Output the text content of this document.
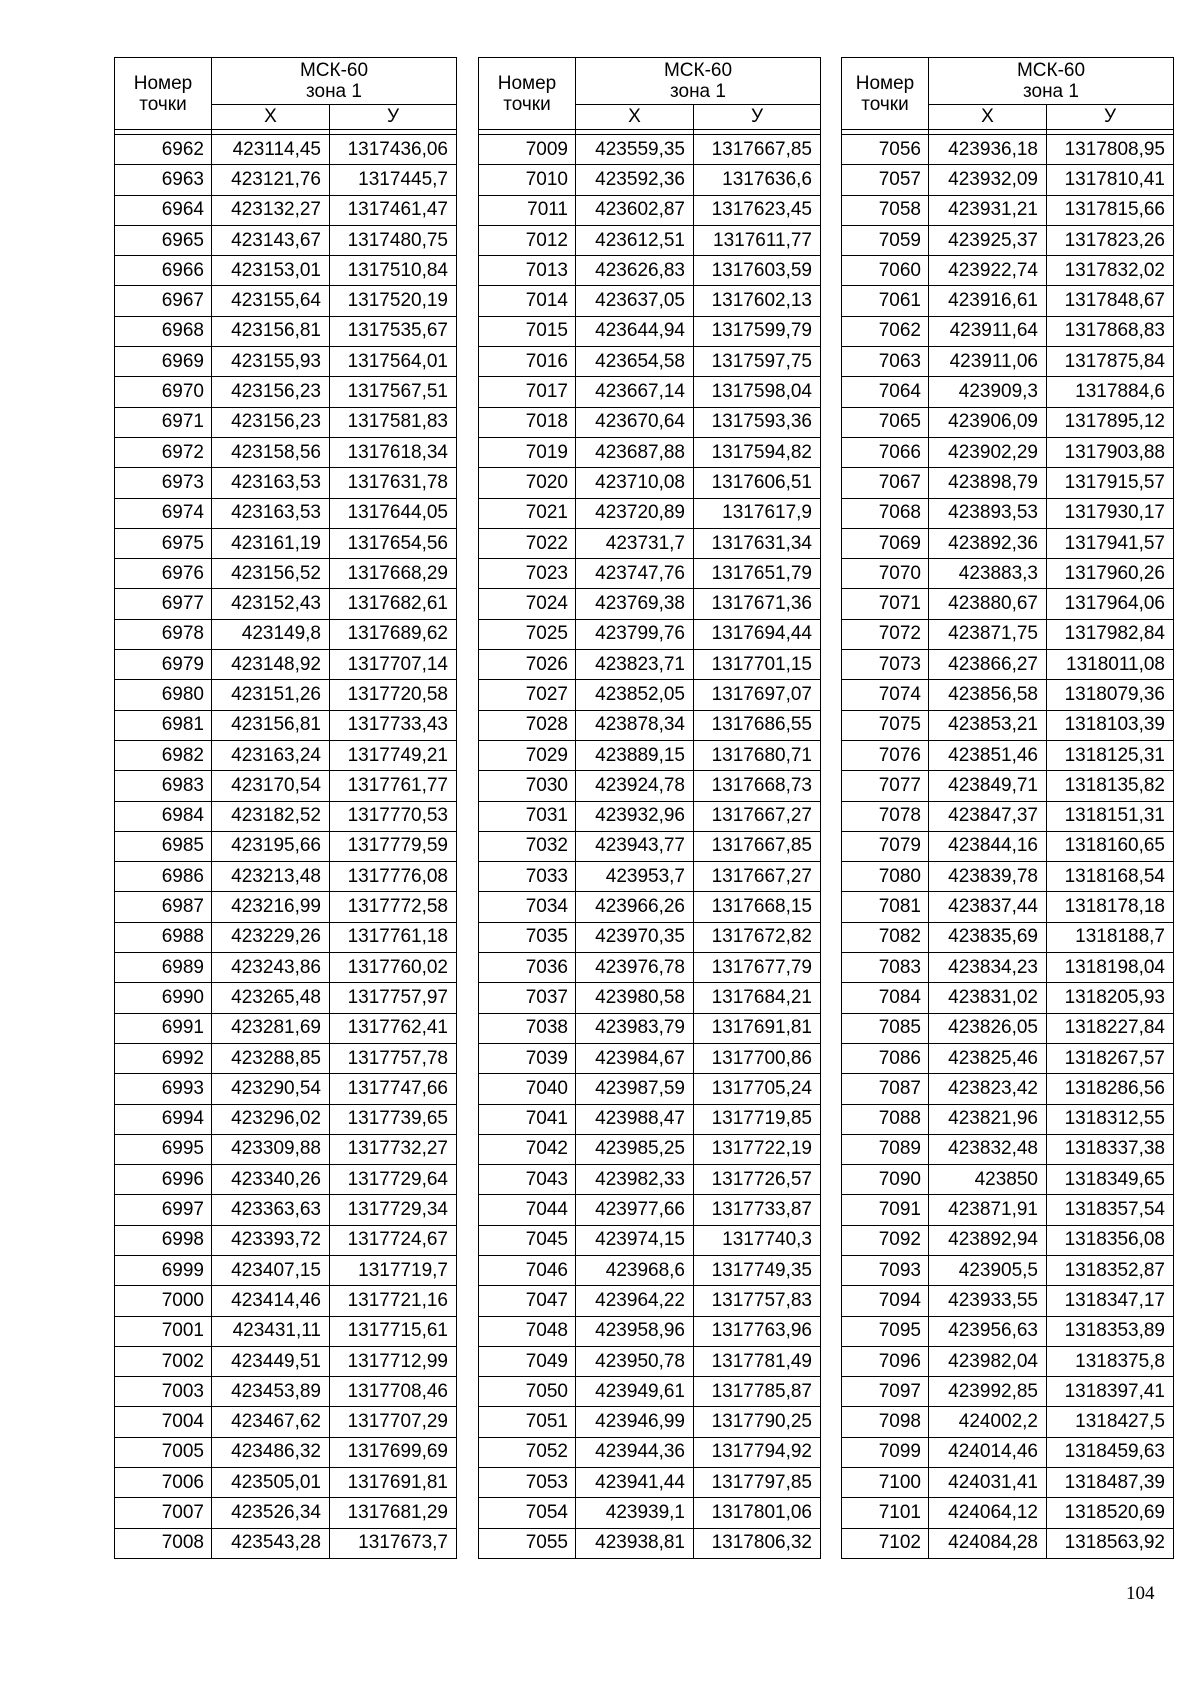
Номер точки	МСК-60
зона 1	
	X	У

6962	423114,45	1317436,06
6963	423121,76	1317445,7
6964	423132,27	1317461,47
6965	423143,67	1317480,75
6966	423153,01	1317510,84
6967	423155,64	1317520,19
6968	423156,81	1317535,67
6969	423155,93	1317564,01
6970	423156,23	1317567,51
6971	423156,23	1317581,83
6972	423158,56	1317618,34
6973	423163,53	1317631,78
6974	423163,53	1317644,05
6975	423161,19	1317654,56
6976	423156,52	1317668,29
6977	423152,43	1317682,61
6978	423149,8	1317689,62
6979	423148,92	1317707,14
6980	423151,26	1317720,58
6981	423156,81	1317733,43
6982	423163,24	1317749,21
6983	423170,54	1317761,77
6984	423182,52	1317770,53
6985	423195,66	1317779,59
6986	423213,48	1317776,08
6987	423216,99	1317772,58
6988	423229,26	1317761,18
6989	423243,86	1317760,02
6990	423265,48	1317757,97
6991	423281,69	1317762,41
6992	423288,85	1317757,78
6993	423290,54	1317747,66
6994	423296,02	1317739,65
6995	423309,88	1317732,27
6996	423340,26	1317729,64
6997	423363,63	1317729,34
6998	423393,72	1317724,67
6999	423407,15	1317719,7
7000	423414,46	1317721,16
7001	423431,11	1317715,61
7002	423449,51	1317712,99
7003	423453,89	1317708,46
7004	423467,62	1317707,29
7005	423486,32	1317699,69
7006	423505,01	1317691,81
7007	423526,34	1317681,29
7008	423543,28	1317673,7
Номер точки	МСК-60
зона 1	
	X	У

7009	423559,35	1317667,85
7010	423592,36	1317636,6
7011	423602,87	1317623,45
7012	423612,51	1317611,77
7013	423626,83	1317603,59
7014	423637,05	1317602,13
7015	423644,94	1317599,79
7016	423654,58	1317597,75
7017	423667,14	1317598,04
7018	423670,64	1317593,36
7019	423687,88	1317594,82
7020	423710,08	1317606,51
7021	423720,89	1317617,9
7022	423731,7	1317631,34
7023	423747,76	1317651,79
7024	423769,38	1317671,36
7025	423799,76	1317694,44
7026	423823,71	1317701,15
7027	423852,05	1317697,07
7028	423878,34	1317686,55
7029	423889,15	1317680,71
7030	423924,78	1317668,73
7031	423932,96	1317667,27
7032	423943,77	1317667,85
7033	423953,7	1317667,27
7034	423966,26	1317668,15
7035	423970,35	1317672,82
7036	423976,78	1317677,79
7037	423980,58	1317684,21
7038	423983,79	1317691,81
7039	423984,67	1317700,86
7040	423987,59	1317705,24
7041	423988,47	1317719,85
7042	423985,25	1317722,19
7043	423982,33	1317726,57
7044	423977,66	1317733,87
7045	423974,15	1317740,3
7046	423968,6	1317749,35
7047	423964,22	1317757,83
7048	423958,96	1317763,96
7049	423950,78	1317781,49
7050	423949,61	1317785,87
7051	423946,99	1317790,25
7052	423944,36	1317794,92
7053	423941,44	1317797,85
7054	423939,1	1317801,06
7055	423938,81	1317806,32
Номер точки	МСК-60
зона 1	
	X	У

7056	423936,18	1317808,95
7057	423932,09	1317810,41
7058	423931,21	1317815,66
7059	423925,37	1317823,26
7060	423922,74	1317832,02
7061	423916,61	1317848,67
7062	423911,64	1317868,83
7063	423911,06	1317875,84
7064	423909,3	1317884,6
7065	423906,09	1317895,12
7066	423902,29	1317903,88
7067	423898,79	1317915,57
7068	423893,53	1317930,17
7069	423892,36	1317941,57
7070	423883,3	1317960,26
7071	423880,67	1317964,06
7072	423871,75	1317982,84
7073	423866,27	1318011,08
7074	423856,58	1318079,36
7075	423853,21	1318103,39
7076	423851,46	1318125,31
7077	423849,71	1318135,82
7078	423847,37	1318151,31
7079	423844,16	1318160,65
7080	423839,78	1318168,54
7081	423837,44	1318178,18
7082	423835,69	1318188,7
7083	423834,23	1318198,04
7084	423831,02	1318205,93
7085	423826,05	1318227,84
7086	423825,46	1318267,57
7087	423823,42	1318286,56
7088	423821,96	1318312,55
7089	423832,48	1318337,38
7090	423850	1318349,65
7091	423871,91	1318357,54
7092	423892,94	1318356,08
7093	423905,5	1318352,87
7094	423933,55	1318347,17
7095	423956,63	1318353,89
7096	423982,04	1318375,8
7097	423992,85	1318397,41
7098	424002,2	1318427,5
7099	424014,46	1318459,63
7100	424031,41	1318487,39
7101	424064,12	1318520,69
7102	424084,28	1318563,92
104
